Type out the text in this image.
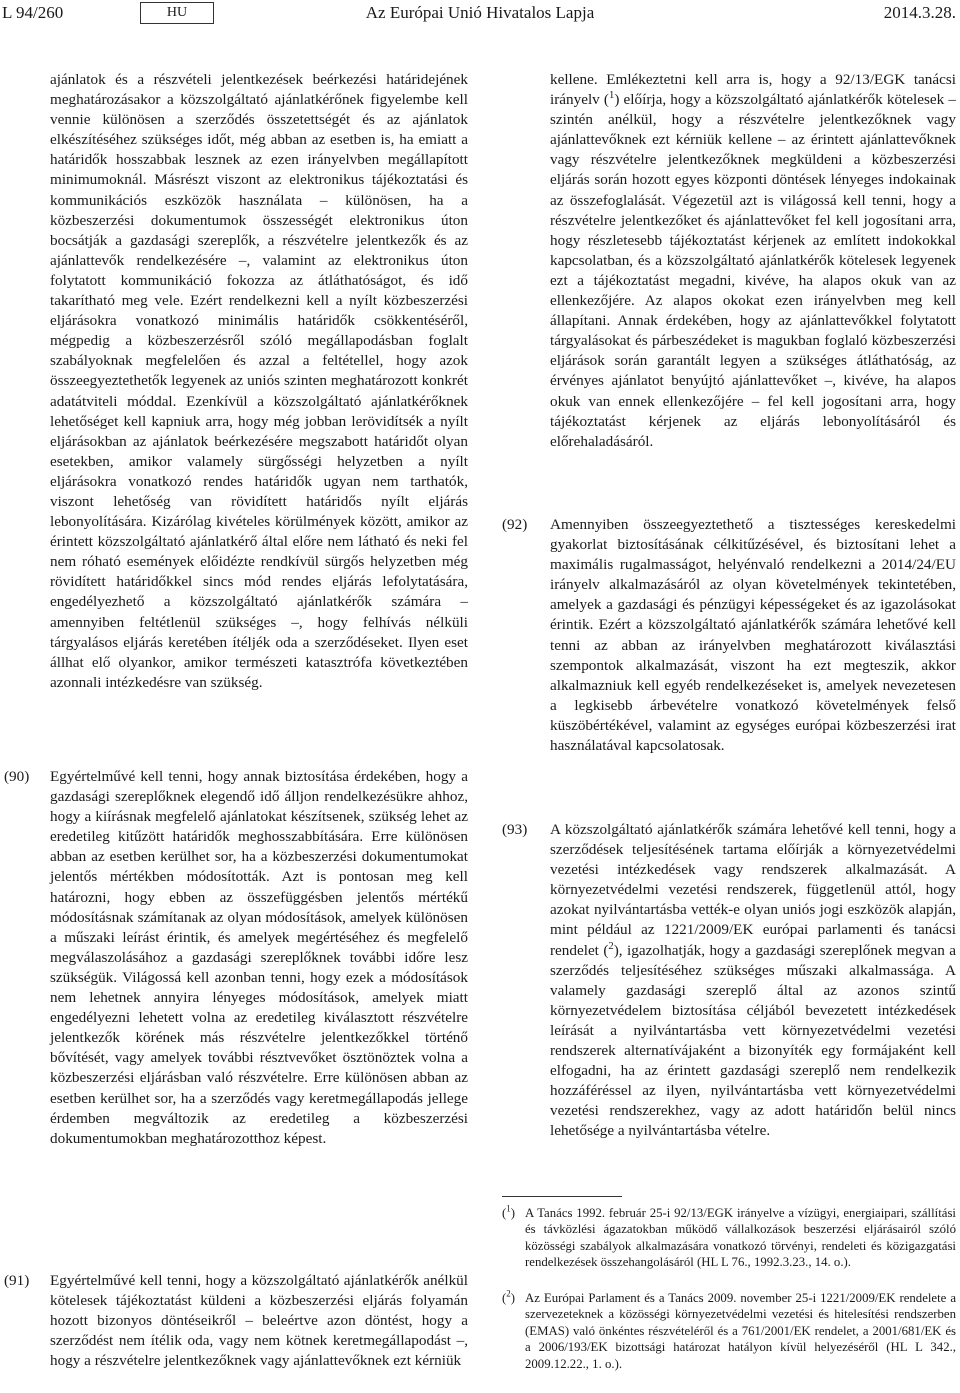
L 94/260	HU	Az Európai Unió Hivatalos Lapja	2014.3.28.

ajánlatok és a részvételi jelentkezések beérkezési határidejének meghatározásakor a közszolgáltató ajánlatkérőnek figyelembe kell vennie különösen a szerződés összetettségét és az ajánlatok elkészítéséhez szükséges időt, még abban az esetben is, ha emiatt a határidők hosszabbak lesznek az ezen irányelvben megállapított minimumoknál. Másrészt viszont az elektronikus tájékoztatási és kommunikációs eszközök használata – különösen, ha a közbeszerzési dokumentumok összességét elektronikus úton bocsátják a gazdasági szereplők, a részvételre jelentkezők és az ajánlattevők rendelkezésére –, valamint az elektronikus úton folytatott kommunikáció fokozza az átláthatóságot, és idő takarítható meg vele. Ezért rendelkezni kell a nyílt közbeszerzési eljárásokra vonatkozó minimális határidők csökkentéséről, mégpedig a közbeszerzésről szóló megállapodásban foglalt szabályoknak megfelelően és azzal a feltétellel, hogy azok összeegyeztethetők legyenek az uniós szinten meghatározott konkrét adatátviteli móddal. Ezenkívül a közszolgáltató ajánlatkérőknek lehetőséget kell kapniuk arra, hogy még jobban lerövidítsék a nyílt eljárásokban az ajánlatok beérkezésére megszabott határidőt olyan esetekben, amikor valamely sürgősségi helyzetben a nyílt eljárásokra vonatkozó rendes határidők ugyan nem tarthatók, viszont lehetőség van rövidített határidős nyílt eljárás lebonyolítására. Kizárólag kivételes körülmények között, amikor az érintett közszolgáltató ajánlatkérő által előre nem látható és neki fel nem róható események előidézte rendkívül sürgős helyzetben még rövidített határidőkkel sincs mód rendes eljárás lefolytatására, engedélyezhető a közszolgáltató ajánlatkérők számára – amennyiben feltétlenül szükséges –, hogy felhívás nélküli tárgyalásos eljárás keretében ítéljék oda a szerződéseket. Ilyen eset állhat elő olyankor, amikor természeti katasztrófa következtében azonnali intézkedésre van szükség.

(90)	Egyértelművé kell tenni, hogy annak biztosítása érdekében, hogy a gazdasági szereplőknek elegendő idő álljon rendelkezésükre ahhoz, hogy a kiírásnak megfelelő ajánlatokat készítsenek, szükség lehet az eredetileg kitűzött határidők meghosszabbítására. Erre különösen abban az esetben kerülhet sor, ha a közbeszerzési dokumentumokat jelentős mértékben módosították. Azt is pontosan meg kell határozni, hogy ebben az összefüggésben jelentős mértékű módosításnak számítanak az olyan módosítások, amelyek különösen a műszaki leírást érintik, és amelyek megértéséhez és megfelelő megválaszolásához a gazdasági szereplőknek további időre lesz szükségük. Világossá kell azonban tenni, hogy ezek a módosítások nem lehetnek annyira lényeges módosítások, amelyek miatt engedélyezni lehetett volna az eredetileg kiválasztott részvételre jelentkezők körének más részvételre jelentkezőkkel történő bővítését, vagy amelyek további résztvevőket ösztönöztek volna a közbeszerzési eljárásban való részvételre. Erre különösen abban az esetben kerülhet sor, ha a szerződés vagy keretmegállapodás jellege érdemben megváltozik az eredetileg a közbeszerzési dokumentumokban meghatározotthoz képest.

(91)	Egyértelművé kell tenni, hogy a közszolgáltató ajánlatkérők anélkül kötelesek tájékoztatást küldeni a közbeszerzési eljárás folyamán hozott bizonyos döntéseikről – beleértve azon döntést, hogy a szerződést nem ítélik oda, vagy nem kötnek keretmegállapodást –, hogy a részvételre jelentkezőknek vagy ajánlattevőknek ezt kérniük

kellene. Emlékeztetni kell arra is, hogy a 92/13/EGK tanácsi irányelv ($^1$) előírja, hogy a közszolgáltató ajánlatkérők kötelesek – szintén anélkül, hogy a részvételre jelentkezőknek vagy ajánlattevőknek ezt kérniük kellene – az érintett ajánlattevőknek vagy részvételre jelentkezőknek megküldeni a közbeszerzési eljárás során hozott egyes központi döntések lényeges indokainak az összefoglalását. Végezetül azt is világossá kell tenni, hogy a részvételre jelentkezőket és ajánlattevőket fel kell jogosítani arra, hogy részletesebb tájékoztatást kérjenek az említett indokokkal kapcsolatban, és a közszolgáltató ajánlatkérők kötelesek legyenek ezt a tájékoztatást megadni, kivéve, ha alapos okuk van az ellenkezőjére. Az alapos okokat ezen irányelvben meg kell állapítani. Annak érdekében, hogy az ajánlattevőkkel folytatott tárgyalásokat és párbeszédeket is magukban foglaló közbeszerzési eljárások során garantált legyen a szükséges átláthatóság, az érvényes ajánlatot benyújtó ajánlattevőket –, kivéve, ha alapos okuk van ennek ellenkezőjére – fel kell jogosítani arra, hogy tájékoztatást kérjenek az eljárás lebonyolításáról és előrehaladásáról.

(92)	Amennyiben összeegyeztethető a tisztességes kereskedelmi gyakorlat biztosításának célkitűzésével, és biztosítani lehet a maximális rugalmasságot, helyénvaló rendelkezni a 2014/24/EU irányelv alkalmazásáról az olyan követelmények tekintetében, amelyek a gazdasági és pénzügyi képességeket és az igazolásokat érintik. Ezért a közszolgáltató ajánlatkérők számára lehetővé kell tenni az abban az irányelvben meghatározott kiválasztási szempontok alkalmazását, viszont ha ezt megteszik, akkor alkalmazniuk kell egyéb rendelkezéseket is, amelyek nevezetesen a legkisebb árbevételre vonatkozó követelmények felső küszöbértékével, valamint az egységes európai közbeszerzési irat használatával kapcsolatosak.

(93)	A közszolgáltató ajánlatkérők számára lehetővé kell tenni, hogy a szerződések teljesítésének tartama előírják a környezetvédelmi vezetési intézkedések vagy rendszerek alkalmazását. A környezetvédelmi vezetési rendszerek, függetlenül attól, hogy azokat nyilvántartásba vették-e olyan uniós jogi eszközök alapján, mint például az 1221/2009/EK európai parlamenti és tanácsi rendelet ($^2$), igazolhatják, hogy a gazdasági szereplőnek megvan a szerződés teljesítéséhez szükséges műszaki alkalmassága. A valamely gazdasági szereplő által az azonos szintű környezetvédelem biztosítása céljából bevezetett intézkedések leírását a nyilvántartásba vett környezetvédelmi vezetési rendszerek alternatívájaként a bizonyíték egy formájaként kell elfogadni, ha az érintett gazdasági szereplő nem rendelkezik hozzáféréssel az ilyen, nyilvántartásba vett környezetvédelmi vezetési rendszerekhez, vagy az adott határidőn belül nincs lehetősége a nyilvántartásba vételre.

($^1$) A Tanács 1992. február 25-i 92/13/EGK irányelve a vízügyi, energiaipari, szállítási és távközlési ágazatokban működő vállalkozások beszerzési eljárásairól szóló közösségi szabályok alkalmazására vonatkozó törvényi, rendeleti és közigazgatási rendelkezések összehangolásáról (HL L 76., 1992.3.23., 14. o.).

($^2$) Az Európai Parlament és a Tanács 2009. november 25-i 1221/2009/EK rendelete a szervezeteknek a közösségi környezetvédelmi vezetési és hitelesítési rendszerben (EMAS) való önkéntes részvételéről és a 761/2001/EK rendelet, a 2001/681/EK és a 2006/193/EK bizottsági határozat hatályon kívül helyezéséről (HL L 342., 2009.12.22., 1. o.).
